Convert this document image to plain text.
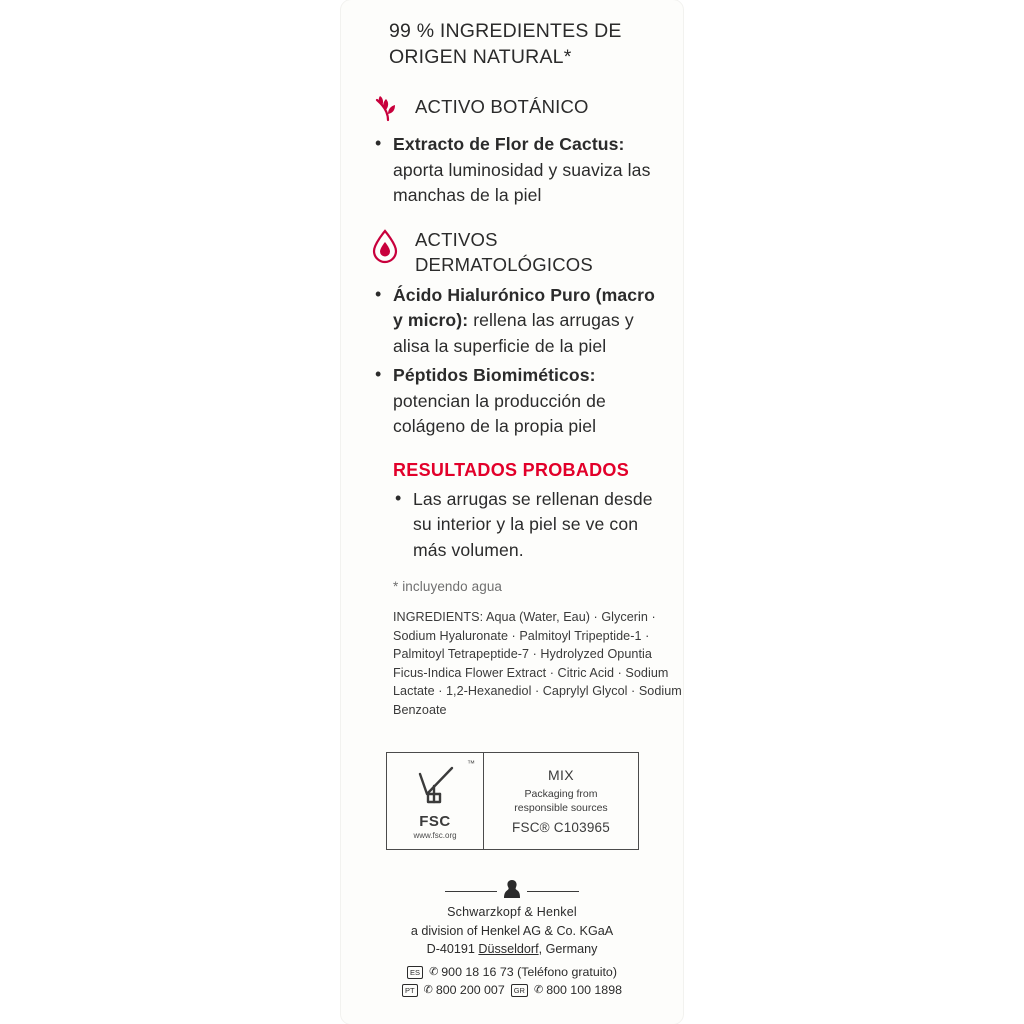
99 % INGREDIENTES DE ORIGEN NATURAL*
ACTIVO BOTÁNICO
• Extracto de Flor de Cactus: aporta luminosidad y suaviza las manchas de la piel
ACTIVOS DERMATOLÓGICOS
• Ácido Hialurónico Puro (macro y micro): rellena las arrugas y alisa la superficie de la piel
• Péptidos Biomiméticos: potencian la producción de colágeno de la propia piel
RESULTADOS PROBADOS
• Las arrugas se rellenan desde su interior y la piel se ve con más volumen.
* incluyendo agua
INGREDIENTS: Aqua (Water, Eau) · Glycerin · Sodium Hyaluronate · Palmitoyl Tripeptide-1 · Palmitoyl Tetrapeptide-7 · Hydrolyzed Opuntia Ficus-Indica Flower Extract · Citric Acid · Sodium Lactate · 1,2-Hexanediol · Caprylyl Glycol · Sodium Benzoate
™
FSC
www.fsc.org
MIX
Packaging from
responsible sources
FSC® C103965
Schwarzkopf & Henkel
a division of Henkel AG & Co. KGaA
D-40191 Düsseldorf, Germany
ES ✆ 900 18 16 73 (Teléfono gratuito)
PT ✆ 800 200 007	GR ✆ 800 100 1898
